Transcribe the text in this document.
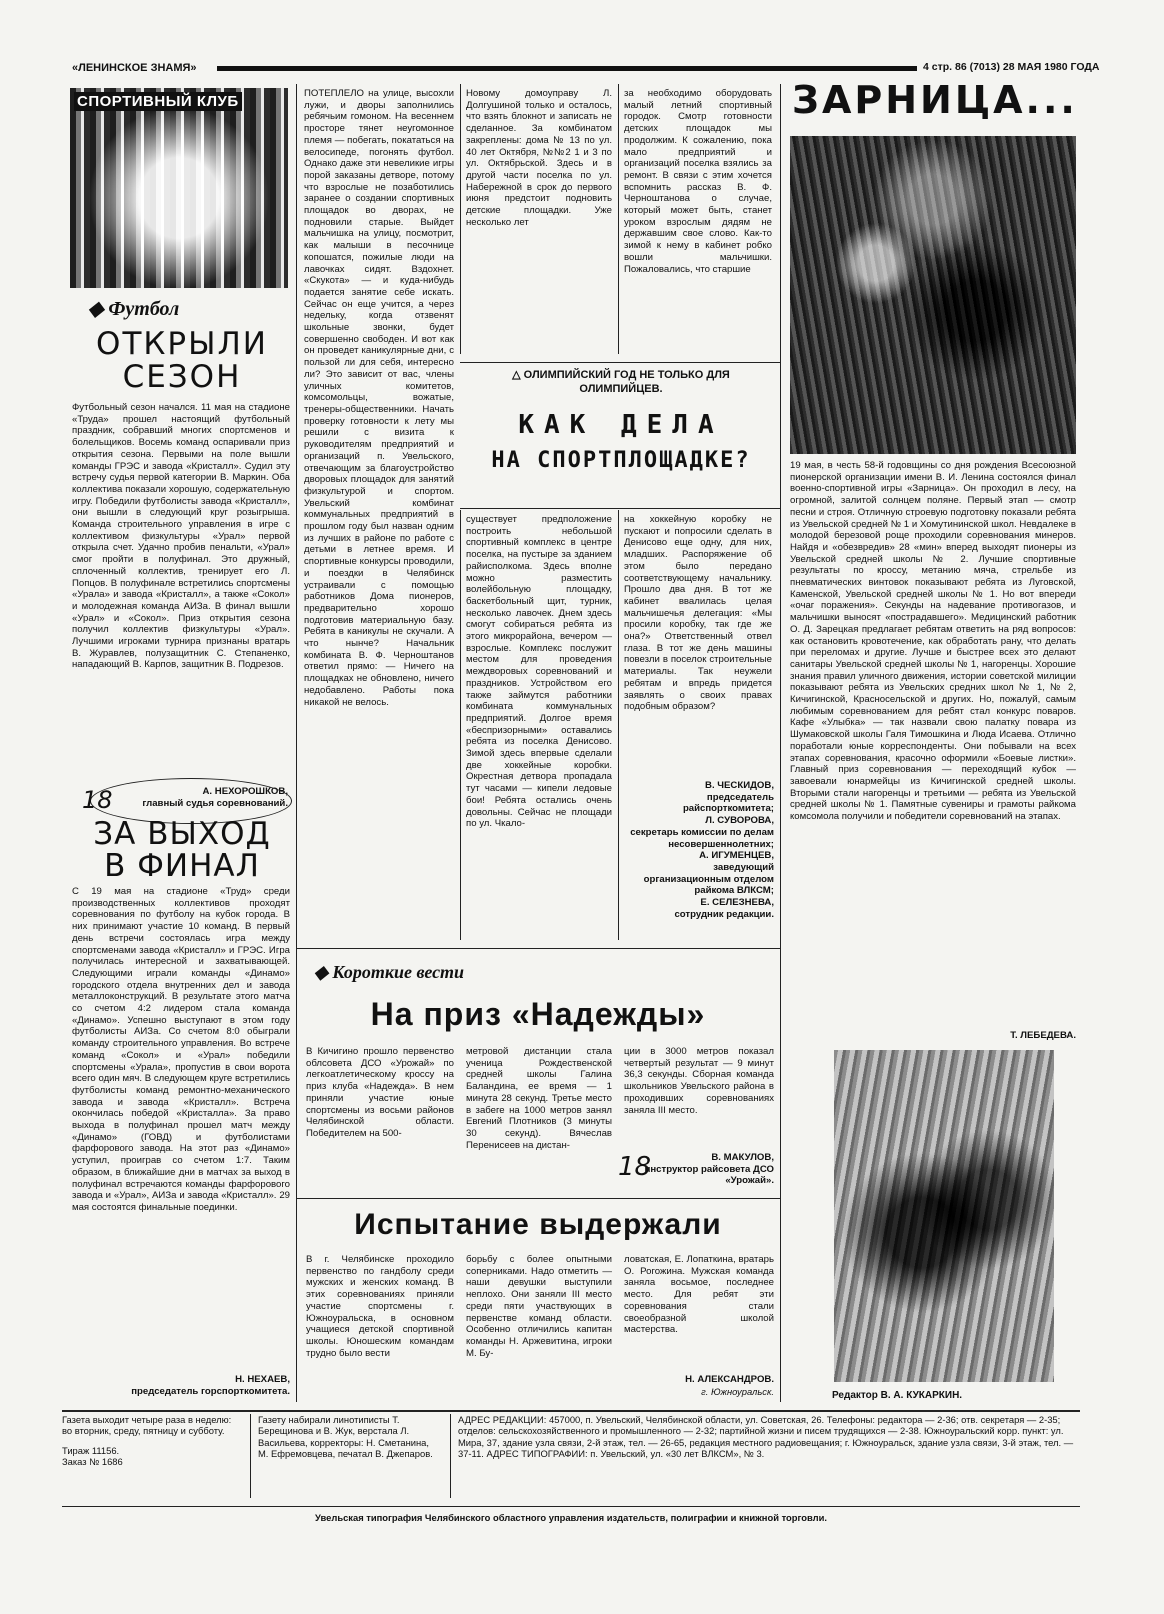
«ЛЕНИНСКОЕ ЗНАМЯ»	4 стр. 86 (7013) 28 МАЯ 1980 ГОДА
СПОРТИВНЫЙ КЛУБ
◆ Футбол
ОТКРЫЛИ
СЕЗОН

Футбольный сезон начался. 11 мая на стадионе «Труда» прошел настоящий футбольный праздник, собравший многих спортсменов и болельщиков. Восемь команд оспаривали приз открытия сезона. Первыми на поле вышли команды ГРЭС и завода «Кристалл». Судил эту встречу судья первой категории В. Маркин. Оба коллектива показали хорошую, содержательную игру. Победили футболисты завода «Кристалл», они вышли в следующий круг розыгрыша. Команда строительного управления в игре с коллективом физкультуры «Урал» первой открыла счет. Удачно пробив пенальти, «Урал» смог пройти в полуфинал. Это дружный, сплоченный коллектив, тренирует его Л. Попцов. В полуфинале встретились спортсмены «Урала» и завода «Кристалл», а также «Сокол» и молодежная команда АИЗа. В финал вышли «Урал» и «Сокол». Приз открытия сезона получил коллектив физкультуры «Урал». Лучшими игроками турнира признаны вратарь В. Журавлев, полузащитник С. Степаненко, нападающий В. Карпов, защитник В. Подрезов.

А. НЕХОРОШКОВ,

главный судья соревнований.

18
ЗА ВЫХОД
В ФИНАЛ

С 19 мая на стадионе «Труд» среди производственных коллективов проходят соревнования по футболу на кубок города. В них принимают участие 10 команд. В первый день встречи состоялась игра между спортсменами завода «Кристалл» и ГРЭС. Игра получилась интересной и захватывающей. Следующими играли команды «Динамо» городского отдела внутренних дел и завода металлоконструкций. В результате этого матча со счетом 4:2 лидером стала команда «Динамо». Успешно выступают в этом году футболисты АИЗа. Со счетом 8:0 обыграли команду строительного управления. Во встрече команд «Сокол» и «Урал» победили спортсмены «Урала», пропустив в свои ворота всего один мяч. В следующем круге встретились футболисты команд ремонтно-механического завода и завода «Кристалл». Встреча окончилась победой «Кристалла». За право выхода в полуфинал прошел матч между «Динамо» (ГОВД) и футболистами фарфорового завода. На этот раз «Динамо» уступил, проиграв со счетом 1:7. Таким образом, в ближайшие дни в матчах за выход в полуфинал встречаются команды фарфорового завода и «Урал», АИЗа и завода «Кристалл». 29 мая состоятся финальные поединки.

Н. НЕХАЕВ,

председатель горспорткомитета.

ПОТЕПЛЕЛО на улице, высохли лужи, и дворы заполнились ребячьим гомоном. На весеннем просторе тянет неугомонное племя — побегать, покататься на велосипеде, погонять футбол. Однако даже эти невеликие игры порой заказаны детворе, потому что взрослые не позаботились заранее о создании спортивных площадок во дворах, не подновили старые. Выйдет мальчишка на улицу, посмотрит, как малыши в песочнице копошатся, пожилые люди на лавочках сидят. Вздохнет. «Скукота» — и куда-нибудь подается занятие себе искать. Сейчас он еще учится, а через недельку, когда отзвенят школьные звонки, будет совершенно свободен. И вот как он проведет каникулярные дни, с пользой ли для себя, интересно ли? Это зависит от вас, члены уличных комитетов, комсомольцы, вожатые, тренеры-общественники. Начать проверку готовности к лету мы решили с визита к руководителям предприятий и организаций п. Увельского, отвечающим за благоустройство дворовых площадок для занятий физкультурой и спортом. Увельский комбинат коммунальных предприятий в прошлом году был назван одним из лучших в районе по работе с детьми в летнее время. И спортивные конкурсы проводили, и поездки в Челябинск устраивали с помощью работников Дома пионеров, предварительно хорошо подготовив материальную базу. Ребята в каникулы не скучали. А что нынче? Начальник комбината В. Ф. Черноштанов ответил прямо: — Ничего на площадках не обновлено, ничего недобавлено. Работы пока никакой не велось.

Новому домоуправу Л. Долгушиной только и осталось, что взять блокнот и записать не сделанное. За комбинатом закреплены: дома № 13 по ул. 40 лет Октября, №№2 1 и 3 по ул. Октябрьской. Здесь и в другой части поселка по ул. Набережной в срок до первого июня предстоит подновить детские площадки. Уже несколько лет

за необходимо оборудовать малый летний спортивный городок. Смотр готовности детских площадок мы продолжим. К сожалению, пока мало предприятий и организаций поселка взялись за ремонт. В связи с этим хочется вспомнить рассказ В. Ф. Черноштанова о случае, который может быть, станет уроком взрослым дядям не державшим свое слово. Как-то зимой к нему в кабинет робко вошли мальчишки. Пожаловались, что старшие

△ ОЛИМПИЙСКИЙ ГОД НЕ ТОЛЬКО ДЛЯ
ОЛИМПИЙЦЕВ.
КАК ДЕЛА
НА СПОРТПЛОЩАДКЕ?

существует предположение построить небольшой спортивный комплекс в центре поселка, на пустыре за зданием райисполкома. Здесь вполне можно разместить волейбольную площадку, баскетбольный щит, турник, несколько лавочек. Днем здесь смогут собираться ребята из этого микрорайона, вечером — взрослые. Комплекс послужит местом для проведения междворовых соревнований и праздников. Устройством его также займутся работники комбината коммунальных предприятий. Долгое время «беспризорными» оставались ребята из поселка Денисово. Зимой здесь впервые сделали две хоккейные коробки. Окрестная детвора пропадала тут часами — кипели ледовые бои! Ребята остались очень довольны. Сейчас не площади по ул. Чкало-

на хоккейную коробку не пускают и попросили сделать в Денисово еще одну, для них, младших. Распоряжение об этом было передано соответствующему начальнику. Прошло два дня. В тот же кабинет ввалилась целая мальчишечья делегация: «Мы просили коробку, так где же она?» Ответственный отвел глаза. В тот же день машины повезли в поселок строительные материалы. Так неужели ребятам и впредь придется заявлять о своих правах подобным образом?

В. ЧЕСКИДОВ,

председатель райспорткомитета;

Л. СУВОРОВА,

секретарь комиссии по делам несовершеннолетних;

А. ИГУМЕНЦЕВ,

заведующий организационным отделом райкома ВЛКСМ;

Е. СЕЛЕЗНЕВА,

сотрудник редакции.

ЗАРНИЦА...

19 мая, в честь 58-й годовщины со дня рождения Всесоюзной пионерской организации имени В. И. Ленина состоялся финал военно-спортивной игры «Зарница». Он проходил в лесу, на огромной, залитой солнцем поляне. Первый этап — смотр песни и строя. Отличную строевую подготовку показали ребята из Увельской средней № 1 и Хомутининской школ. Невдалеке в молодой березовой роще проходили соревнования минеров. Найдя и «обезвредив» 28 «мин» вперед выходят пионеры из Увельской средней школы № 2. Лучшие спортивные результаты по кроссу, метанию мяча, стрельбе из пневматических винтовок показывают ребята из Луговской, Каменской, Увельской средней школы № 1. Но вот впереди «очаг поражения». Секунды на надевание противогазов, и мальчишки выносят «пострадавшего». Медицинский работник О. Д. Зарецкая предлагает ребятам ответить на ряд вопросов: как остановить кровотечение, как обработать рану, что делать при переломах и другие. Лучше и быстрее всех это делают санитары Увельской средней школы № 1, нагоренцы. Хорошие знания правил уличного движения, истории советской милиции показывают ребята из Увельских средних школ № 1, № 2, Кичигинской, Красносельской и других. Но, пожалуй, самым любимым соревнованием для ребят стал конкурс поваров. Кафе «Улыбка» — так назвали свою палатку повара из Шумаковской школы Галя Тимошкина и Люда Исаева. Отлично поработали юные корреспонденты. Они побывали на всех этапах соревнования, красочно оформили «Боевые листки». Главный приз соревнования — переходящий кубок — завоевали юнармейцы из Кичигинской средней школы. Вторыми стали нагоренцы и третьими — ребята из Увельской средней школы № 1. Памятные сувениры и грамоты райкома комсомола получили и победители соревнований на этапах.

Т. ЛЕБЕДЕВА.

Редактор В. А. КУКАРКИН.

◆ Короткие вести
На приз «Надежды»

В Кичигино прошло первенство облсовета ДСО «Урожай» по легкоатлетическому кроссу на приз клуба «Надежда». В нем приняли участие юные спортсмены из восьми районов Челябинской области. Победителем на 500-

метровой дистанции стала ученица Рождественской средней школы Галина Баландина, ее время — 1 минута 28 секунд. Третье место в забеге на 1000 метров занял Евгений Плотников (3 минуты 30 секунд). Вячеслав Перенисеев на дистан-

ции в 3000 метров показал четвертый результат — 9 минут 36,3 секунды. Сборная команда школьников Увельского района в проходивших соревнованиях заняла III место.

В. МАКУЛОВ,

инструктор райсовета ДСО «Урожай».

18
Испытание выдержали

В г. Челябинске проходило первенство по гандболу среди мужских и женских команд. В этих соревнованиях приняли участие спортсмены г. Южноуральска, в основном учащиеся детской спортивной школы. Юношеским командам трудно было вести

борьбу с более опытными соперниками. Надо отметить — наши девушки выступили неплохо. Они заняли III место среди пяти участвующих в первенстве команд области. Особенно отличились капитан команды Н. Аржевитина, игроки М. Бу-

ловатская, Е. Лопаткина, вратарь О. Рогожина. Мужская команда заняла восьмое, последнее место. Для ребят эти соревнования стали своеобразной школой мастерства.

Н. АЛЕКСАНДРОВ.

г. Южноуральск.

Газета выходит четыре раза в неделю: во вторник, среду, пятницу и субботу.

Тираж 11156.

Заказ № 1686

Газету набирали линотиписты Т. Берещинова и В. Жук, верстала Л. Васильева, корректоры: Н. Сметанина, М. Ефремовцева, печатал В. Джепаров.

АДРЕС РЕДАКЦИИ: 457000, п. Увельский, Челябинской области, ул. Советская, 26. Телефоны: редактора — 2-36; отв. секретаря — 2-35; отделов: сельскохозяйственного и промышленного — 2-32; партийной жизни и писем трудящихся — 2-38. Южноуральский корр. пункт: ул. Мира, 37, здание узла связи, 2-й этаж, тел. — 26-65, редакция местного радиовещания; г. Южноуральск, здание узла связи, 3-й этаж, тел. — 37-11. АДРЕС ТИПОГРАФИИ: п. Увельский, ул. «30 лет ВЛКСМ», № 3.

Увельская типография Челябинского областного управления издательств, полиграфии и книжной торговли.
